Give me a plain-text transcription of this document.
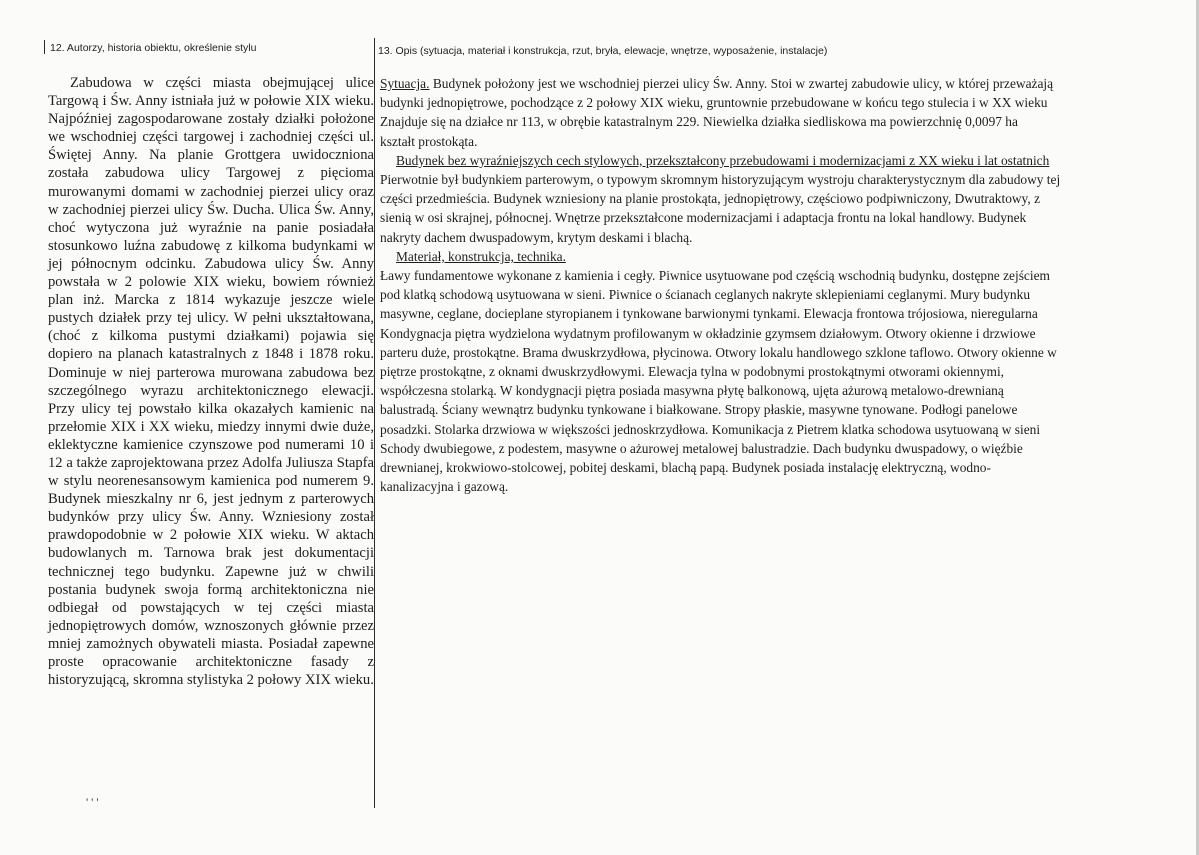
12. Autorzy, historia obiektu, określenie stylu	13. Opis (sytuacja, materiał i konstrukcja, rzut, bryła, elewacje, wnętrze, wyposażenie, instalacje)

Zabudowa w części miasta obejmującej ulice Targową i Św. Anny istniała już w połowie XIX wieku. Najpóźniej zagospodarowane zostały działki położone we wschodniej części targowej i zachodniej części ul. Świętej Anny. Na planie Grottgera uwidoczniona została zabudowa ulicy Targowej z pięcioma murowanymi domami w zachodniej pierzei ulicy oraz w zachodniej pierzei ulicy Św. Ducha. Ulica Św. Anny, choć wytyczona już wyraźnie na panie posiadała stosunkowo luźna zabudowę z kilkoma budynkami w jej północnym odcinku. Zabudowa ulicy Św. Anny powstała w 2 polowie XIX wieku, bowiem również plan inż. Marcka z 1814 wykazuje jeszcze wiele pustych działek przy tej ulicy. W pełni ukształtowana, (choć z kilkoma pustymi działkami) pojawia się dopiero na planach katastralnych z 1848 i 1878 roku. Dominuje w niej parterowa murowana zabudowa bez szczególnego wyrazu architektonicznego elewacji. Przy ulicy tej powstało kilka okazałych kamienic na przełomie XIX i XX wieku, miedzy innymi dwie duże, eklektyczne kamienice czynszowe pod numerami 10 i 12 a także zaprojektowana przez Adolfa Juliusza Stapfa w stylu neorenesansowym kamienica pod numerem 9. Budynek mieszkalny nr 6, jest jednym z parterowych budynków przy ulicy Św. Anny. Wzniesiony został prawdopodobnie w 2 połowie XIX wieku. W aktach budowlanych m. Tarnowa brak jest dokumentacji technicznej tego budynku. Zapewne już w chwili postania budynek swoja formą architektoniczna nie odbiegał od powstających w tej części miasta jednopiętrowych domów, wznoszonych głównie przez mniej zamożnych obywateli miasta. Posiadał zapewne proste opracowanie architektoniczne fasady z historyzującą, skromna stylistyka 2 połowy XIX wieku.

' ' '

Sytuacja. Budynek położony jest we wschodniej pierzei ulicy Św. Anny. Stoi w zwartej zabudowie ulicy, w której przeważają

budynki jednopiętrowe, pochodzące z 2 połowy XIX wieku, gruntownie przebudowane w końcu tego stulecia i w XX wieku

Znajduje się na działce nr 113, w obrębie katastralnym 229. Niewielka działka siedliskowa ma powierzchnię 0,0097 ha

kształt prostokąta.

Budynek bez wyraźniejszych cech stylowych, przekształcony przebudowami i modernizacjami z XX wieku i lat ostatnich

Pierwotnie był budynkiem parterowym, o typowym skromnym historyzującym wystroju charakterystycznym dla zabudowy tej

części przedmieścia. Budynek wzniesiony na planie prostokąta, jednopiętrowy, częściowo podpiwniczony, Dwutraktowy, z

sienią w osi skrajnej, północnej. Wnętrze przekształcone modernizacjami i adaptacja frontu na lokal handlowy. Budynek

nakryty dachem dwuspadowym, krytym deskami i blachą.

Materiał, konstrukcja, technika.

Ławy fundamentowe wykonane z kamienia i cegły. Piwnice usytuowane pod częścią wschodnią budynku, dostępne zejściem

pod klatką schodową usytuowana w sieni. Piwnice o ścianach ceglanych nakryte sklepieniami ceglanymi. Mury budynku

masywne, ceglane, docieplane styropianem i tynkowane barwionymi tynkami. Elewacja frontowa trójosiowa, nieregularna

Kondygnacja piętra wydzielona wydatnym profilowanym w okładzinie gzymsem działowym. Otwory okienne i drzwiowe

parteru duże, prostokątne. Brama dwuskrzydłowa, płycinowa. Otwory lokalu handlowego szklone taflowo. Otwory okienne w

piętrze prostokątne, z oknami dwuskrzydłowymi. Elewacja tylna w podobnymi prostokątnymi otworami okiennymi,

współczesna stolarką. W kondygnacji piętra posiada masywna płytę balkonową, ujęta ażurową metalowo-drewnianą

balustradą. Ściany wewnątrz budynku tynkowane i białkowane. Stropy płaskie, masywne tynowane. Podłogi panelowe

posadzki. Stolarka drzwiowa w większości jednoskrzydłowa. Komunikacja z Pietrem klatka schodowa usytuowaną w sieni

Schody dwubiegowe, z podestem, masywne o ażurowej metalowej balustradzie. Dach budynku dwuspadowy, o więźbie

drewnianej, krokwiowo-stolcowej, pobitej deskami, blachą papą. Budynek posiada instalację elektryczną, wodno-

kanalizacyjna i gazową.
